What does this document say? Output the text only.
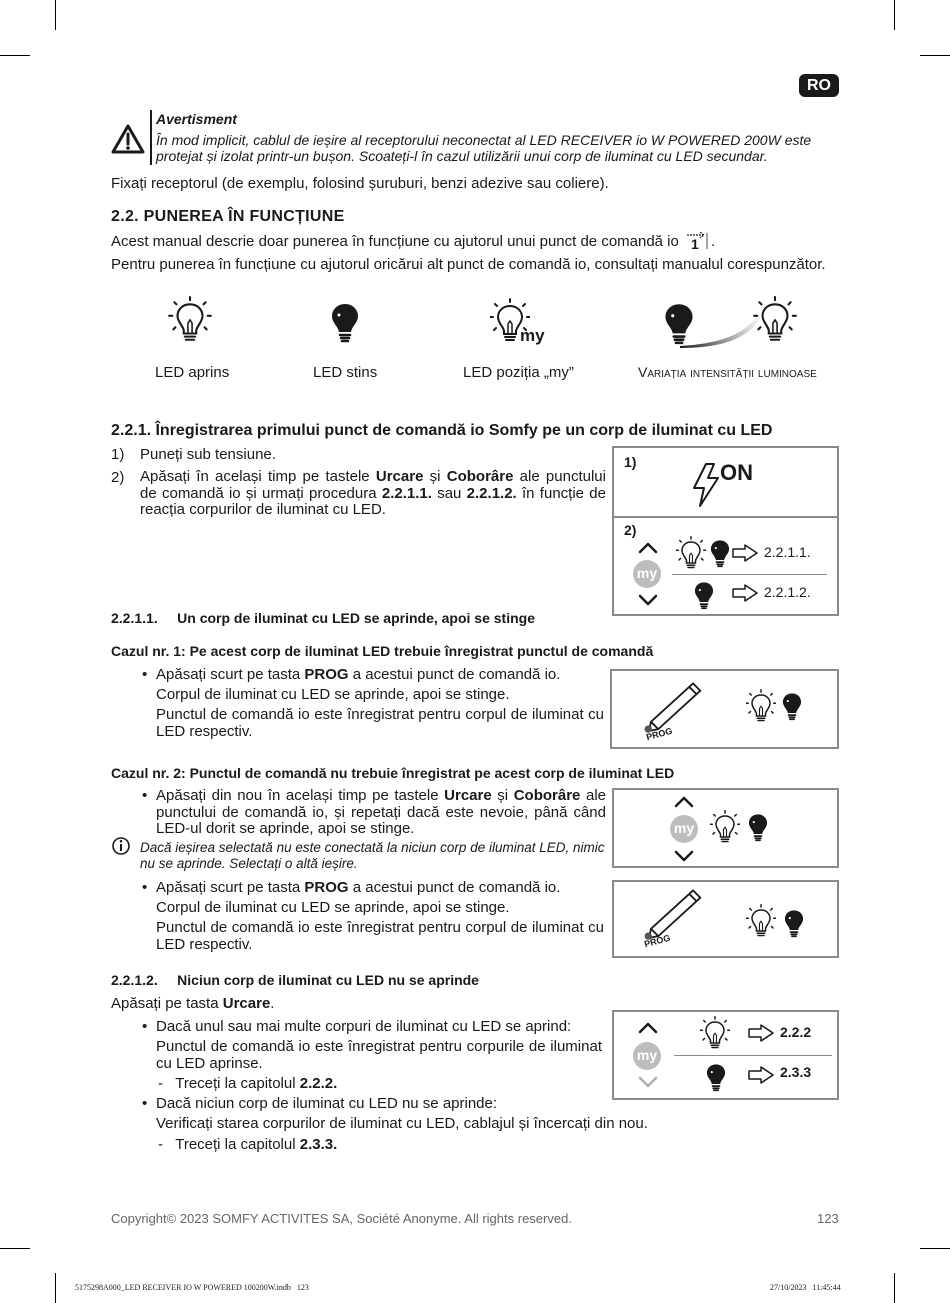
RO
Avertisment
În mod implicit, cablul de ieșire al receptorului neconectat al LED RECEIVER io W POWERED 200W este
protejat și izolat printr-un bușon. Scoateți-l în cazul utilizării unui corp de iluminat cu LED secundar.
Fixați receptorul (de exemplu, folosind șuruburi, benzi adezive sau coliere).
2.2. PUNEREA ÎN FUNCȚIUNE
Acest manual descrie doar punerea în funcțiune cu ajutorul unui punct de comandă io 1 .
Pentru punerea în funcțiune cu ajutorul oricărui alt punct de comandă io, consultați manualul corespunzător.
my
LED aprins	LED stins	LED poziția „my”	Variația intensității luminoase
2.2.1. Înregistrarea primului punct de comandă io Somfy pe un corp de iluminat cu LED
1) Puneți sub tensiune.
2) Apăsați în același timp pe tastele Urcare și Coborâre ale punctului de comandă io și urmați procedura 2.2.1.1. sau 2.2.1.2. în funcție de reacția corpurilor de iluminat cu LED.
1)	ON
2)
my
2.2.1.1.
2.2.1.2.
2.2.1.1.     Un corp de iluminat cu LED se aprinde, apoi se stinge
Cazul nr. 1: Pe acest corp de iluminat LED trebuie înregistrat punctul de comandă
• Apăsați scurt pe tasta PROG a acestui punct de comandă io.
Corpul de iluminat cu LED se aprinde, apoi se stinge.
Punctul de comandă io este înregistrat pentru corpul de iluminat cu LED respectiv.	PROG
Cazul nr. 2: Punctul de comandă nu trebuie înregistrat pe acest corp de iluminat LED
• Apăsați din nou în același timp pe tastele Urcare și Coborâre ale punctului de comandă io, și repetați dacă este nevoie, până când LED-ul dorit se aprinde, apoi se stinge.	my
Dacă ieșirea selectată nu este conectată la niciun corp de iluminat LED, nimic nu se aprinde. Selectați o altă ieșire.
• Apăsați scurt pe tasta PROG a acestui punct de comandă io.
Corpul de iluminat cu LED se aprinde, apoi se stinge.
Punctul de comandă io este înregistrat pentru corpul de iluminat cu LED respectiv.	PROG
2.2.1.2.     Niciun corp de iluminat cu LED nu se aprinde
Apăsați pe tasta Urcare.
• Dacă unul sau mai multe corpuri de iluminat cu LED se aprind:
Punctul de comandă io este înregistrat pentru corpurile de iluminat cu LED aprinse.
-   Treceți la capitolul 2.2.2.
• Dacă niciun corp de iluminat cu LED nu se aprinde:
Verificați starea corpurilor de iluminat cu LED, cablajul și încercați din nou.
-   Treceți la capitolul 2.3.3.
my
2.2.2
2.3.3
Copyright© 2023 SOMFY ACTIVITES SA, Société Anonyme. All rights reserved.	123
5175298A000_LED RECEIVER IO W POWERED 100200W.indb   123	27/10/2023   11:45:44
